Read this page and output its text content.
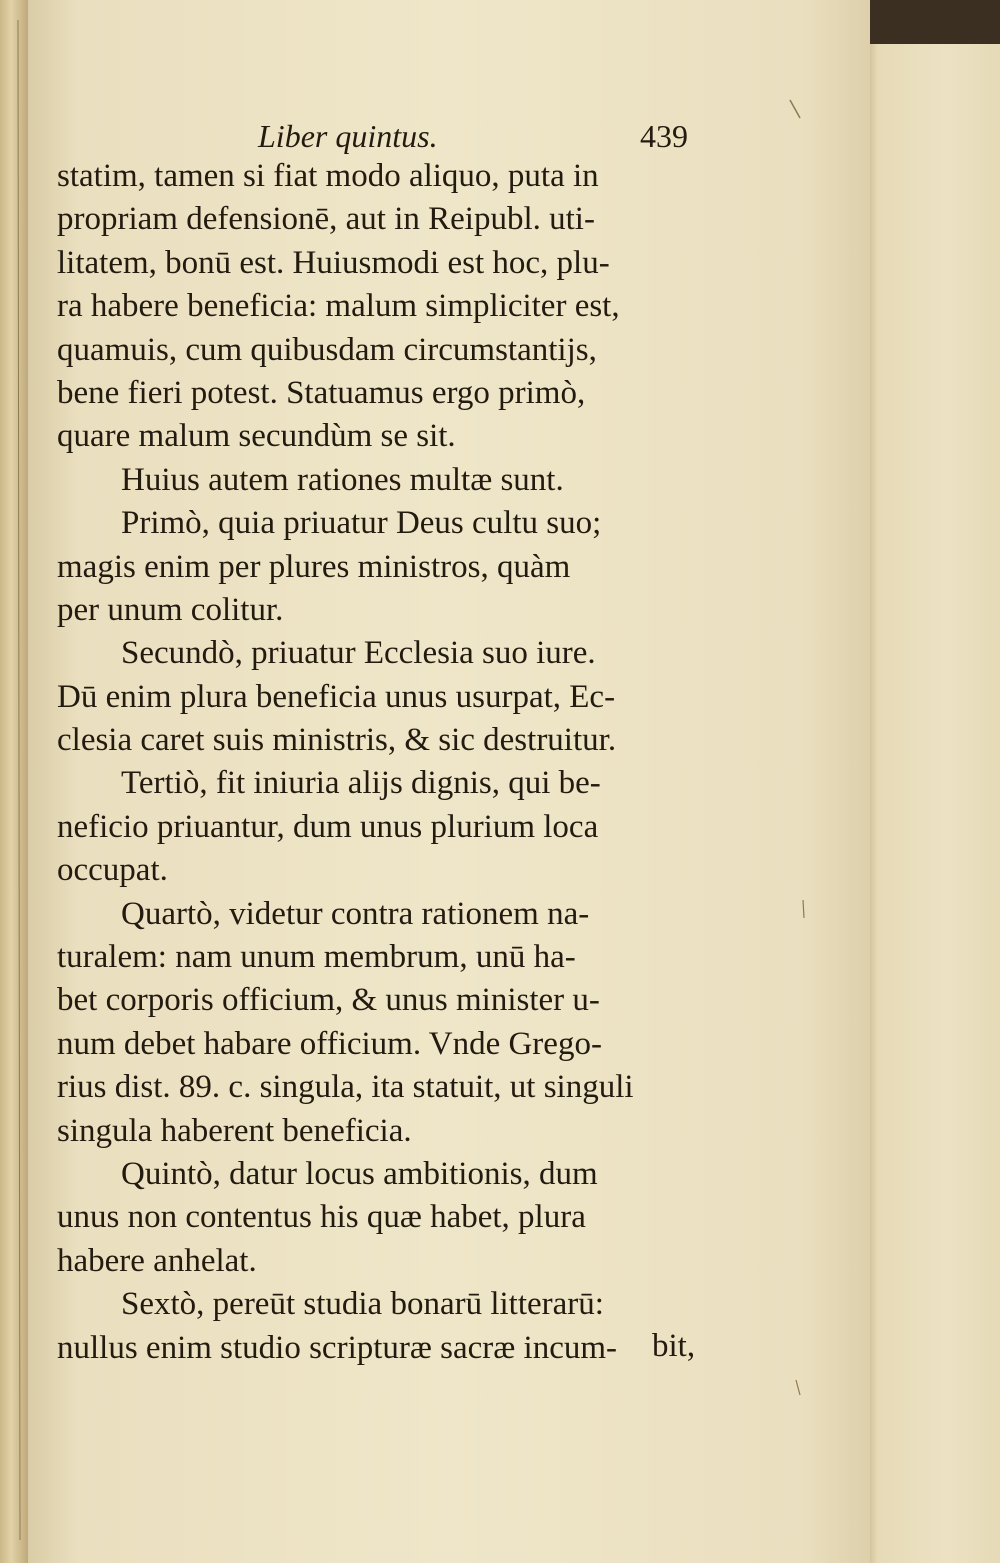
Liber quintus.	439
statim, tamen si fiat modo aliquo, puta in
propriam defensionē, aut in Reipubl. uti-
litatem, bonū est. Huiusmodi est hoc, plu-
ra habere beneficia: malum simpliciter est,
quamuis, cum quibusdam circumstantijs,
bene fieri potest. Statuamus ergo primò,
quare malum secundùm se sit.
Huius autem rationes multæ sunt.
Primò, quia priuatur Deus cultu suo;
magis enim per plures ministros, quàm
per unum colitur.
Secundò, priuatur Ecclesia suo iure.
Dū enim plura beneficia unus usurpat, Ec-
clesia caret suis ministris, & sic destruitur.
Tertiò, fit iniuria alijs dignis, qui be-
neficio priuantur, dum unus plurium loca
occupat.
Quartò, videtur contra rationem na-
turalem: nam unum membrum, unū ha-
bet corporis officium, & unus minister u-
num debet habare officium. Vnde Grego-
rius dist. 89. c. singula, ita statuit, ut singuli
singula haberent beneficia.
Quintò, datur locus ambitionis, dum
unus non contentus his quæ habet, plura
habere anhelat.
Sextò, pereūt studia bonarū litterarū:
nullus enim studio scripturæ sacræ incum-	bit,
